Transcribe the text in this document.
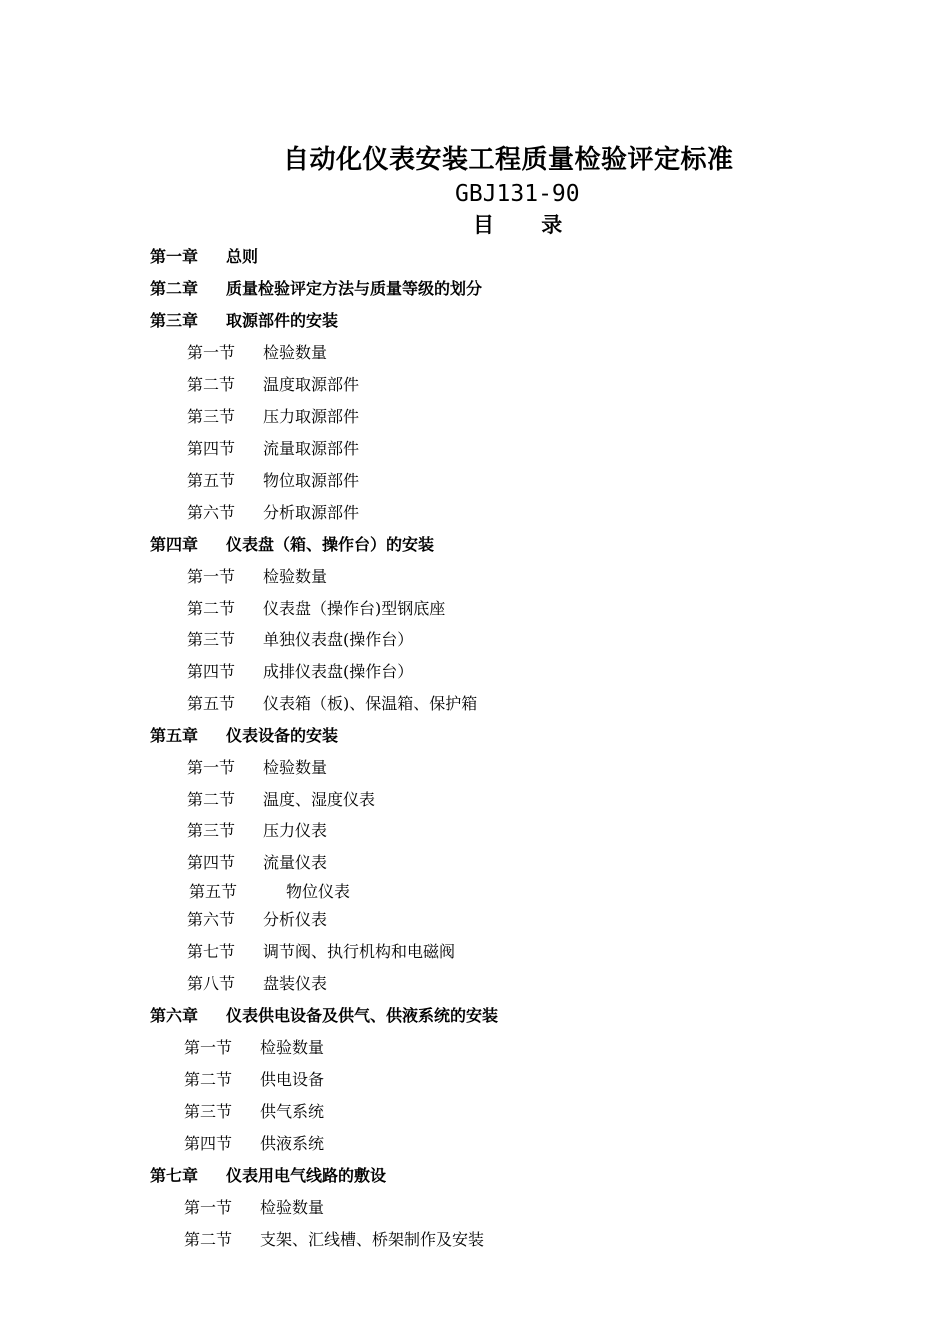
自动化仪表安装工程质量检验评定标准
GBJ131-90
目 录
第一章 总则
第二章 质量检验评定方法与质量等级的划分
第三章 取源部件的安装
第一节 检验数量
第二节 温度取源部件
第三节 压力取源部件
第四节 流量取源部件
第五节 物位取源部件
第六节 分析取源部件
第四章 仪表盘（箱、操作台）的安装
第一节 检验数量
第二节 仪表盘（操作台)型钢底座
第三节 单独仪表盘(操作台）
第四节 成排仪表盘(操作台）
第五节 仪表箱（板)、保温箱、保护箱
第五章 仪表设备的安装
第一节 检验数量
第二节 温度、湿度仪表
第三节 压力仪表
第四节 流量仪表
第五节	物位仪表
第六节 分析仪表
第七节 调节阀、执行机构和电磁阀
第八节 盘装仪表
第六章 仪表供电设备及供气、供液系统的安装
第一节 检验数量
第二节 供电设备
第三节 供气系统
第四节 供液系统
第七章 仪表用电气线路的敷设
第一节 检验数量
第二节 支架、汇线槽、桥架制作及安装
